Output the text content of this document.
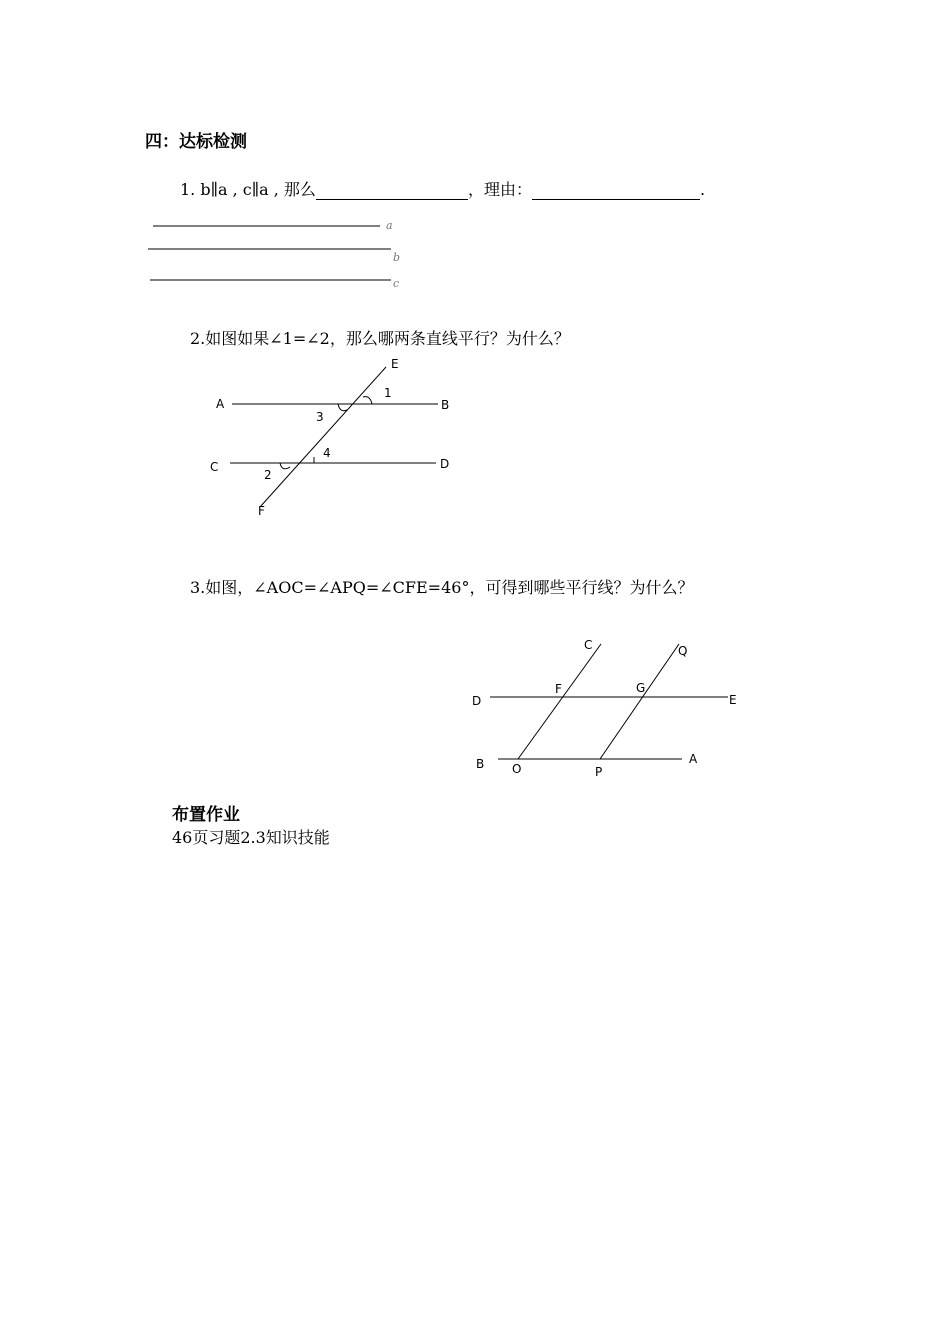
四：达标检测
1. b∥a , c∥a , 那么	，理由：	.
a
b
c
2.如图如果∠1=∠2，那么哪两条直线平行？为什么？
A	B
C	D
E
F
1
2
3
4
3.如图，∠AOC=∠APQ=∠CFE=46°，可得到哪些平行线？为什么？
C	Q
D
F	G
E
B O	P
A
布置作业
46页习题2.3知识技能
